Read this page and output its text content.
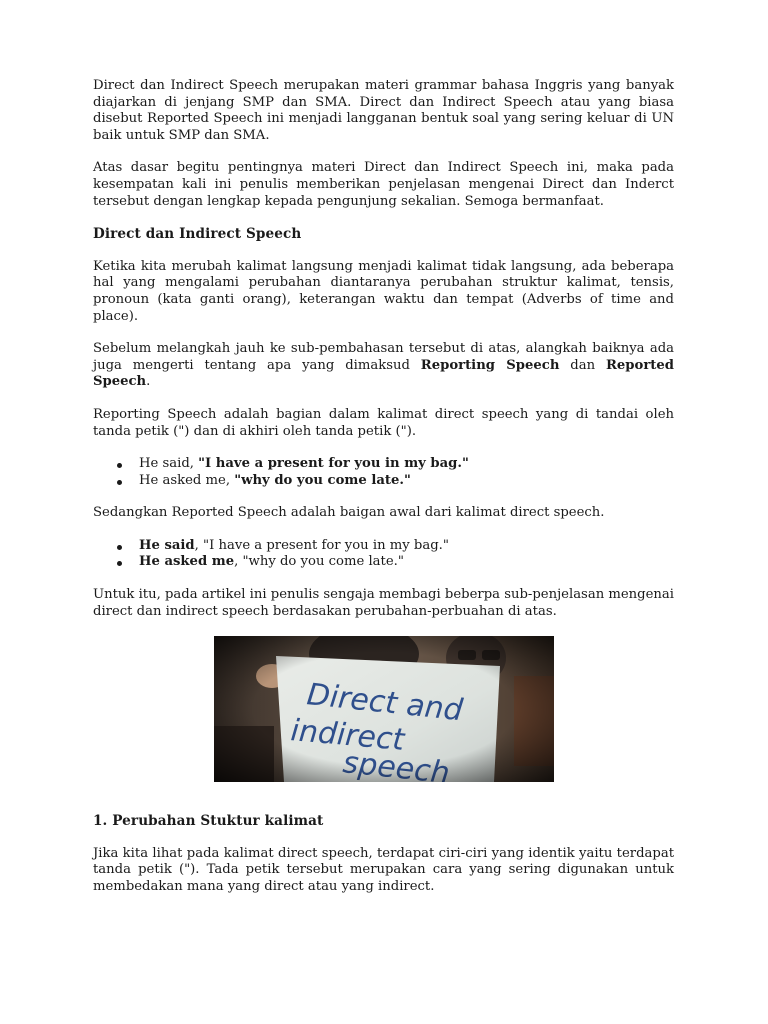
Direct dan Indirect Speech merupakan materi grammar bahasa Inggris yang banyak diajarkan di jenjang SMP dan SMA. Direct dan Indirect Speech atau yang biasa disebut Reported Speech ini menjadi langganan bentuk soal yang sering keluar di UN baik untuk SMP dan SMA.

Atas dasar begitu pentingnya materi Direct dan Indirect Speech ini, maka pada kesempatan kali ini penulis memberikan penjelasan mengenai Direct dan Inderct tersebut dengan lengkap kepada pengunjung sekalian. Semoga bermanfaat.

Direct dan Indirect Speech

Ketika kita merubah kalimat langsung menjadi kalimat tidak langsung, ada beberapa hal yang mengalami perubahan diantaranya perubahan struktur kalimat, tensis, pronoun (kata ganti orang), keterangan waktu dan tempat (Adverbs of time and place).

Sebelum melangkah jauh ke sub-pembahasan tersebut di atas, alangkah baiknya ada juga mengerti tentang apa yang dimaksud Reporting Speech dan Reported Speech.

Reporting Speech adalah bagian dalam kalimat direct speech yang di tandai oleh tanda petik (") dan di akhiri oleh tanda petik (").

He said, "I have a present for you in my bag."
He asked me, "why do you come late."

Sedangkan Reported Speech adalah baigan awal dari kalimat direct speech.

He said, "I have a present for you in my bag."
He asked me, "why do you come late."

Untuk itu, pada artikel ini penulis sengaja membagi beberpa sub-penjelasan mengenai direct dan indirect speech berdasakan perubahan-perbuahan di atas.

1. Perubahan Stuktur kalimat

Jika kita lihat pada kalimat direct speech, terdapat ciri-ciri yang identik yaitu terdapat tanda petik ("). Tada petik tersebut merupakan cara yang sering digunakan untuk membedakan mana yang direct atau yang indirect.
